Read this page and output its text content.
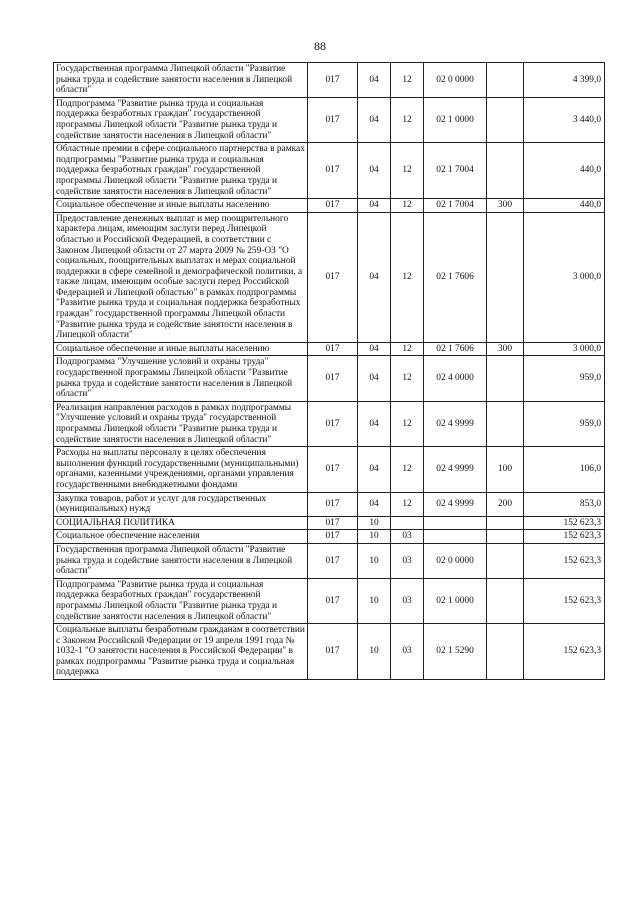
88
Государственная программа Липецкой области "Развитие рынка труда и содействие занятости населения в Липецкой области"	017	04	12	02 0 0000		4 399,0
Подпрограмма "Развитие рынка труда и социальная поддержка безработных граждан" государственной программы Липецкой области "Развитие рынка труда и содействие занятости населения в Липецкой области"	017	04	12	02 1 0000		3 440,0
Областные премии в сфере социального партнерства в рамках подпрограммы "Развитие рынка труда и социальная поддержка безработных граждан" государственной программы Липецкой области "Развитие рынка труда и содействие занятости населения в Липецкой области"	017	04	12	02 1 7004		440,0
Социальное обеспечение и иные выплаты населению	017	04	12	02 1 7004	300	440,0
Предоставление денежных выплат и мер поощрительного характера лицам, имеющим заслуги перед Липецкой областью и Российской Федерацией, в соответствии с Законом Липецкой области от 27 марта 2009 № 259-ОЗ "О социальных, поощрительных выплатах и мерах социальной поддержки в сфере семейной и демографической политики, а также лицам, имеющим особые заслуги перед Российской Федерацией и Липецкой областью" в рамках подпрограммы "Развитие рынка труда и социальная поддержка безработных граждан" государственной программы Липецкой области "Развитие рынка труда и содействие занятости населения в Липецкой области"	017	04	12	02 1 7606		3 000,0
Социальное обеспечение и иные выплаты населению	017	04	12	02 1 7606	300	3 000,0
Подпрограмма "Улучшение условий и охраны труда" государственной программы Липецкой области "Развитие рынка труда и содействие занятости населения в Липецкой области"	017	04	12	02 4 0000		959,0
Реализация направления расходов в рамках подпрограммы "Улучшение условий и охраны труда" государственной программы Липецкой области "Развитие рынка труда и содействие занятости населения в Липецкой области"	017	04	12	02 4 9999		959,0
Расходы на выплаты персоналу в целях обеспечения выполнения функций государственными (муниципальными) органами, казенными учреждениями, органами управления государственными внебюджетными фондами	017	04	12	02 4 9999	100	106,0
Закупка товаров, работ и услуг для государственных (муниципальных) нужд	017	04	12	02 4 9999	200	853,0
СОЦИАЛЬНАЯ ПОЛИТИКА	017	10				152 623,3
Социальное обеспечение населения	017	10	03			152 623,3
Государственная программа Липецкой области "Развитие рынка труда и содействие занятости населения в Липецкой области"	017	10	03	02 0 0000		152 623,3
Подпрограмма "Развитие рынка труда и социальная поддержка безработных граждан" государственной программы Липецкой области "Развитие рынка труда и содействие занятости населения в Липецкой области"	017	10	03	02 1 0000		152 623,3
Социальные выплаты безработным гражданам в соответствии с Законом Российской Федерации от 19 апреля 1991 года № 1032-1 "О занятости населения в Российской Федерации" в рамках подпрограммы "Развитие рынка труда и социальная поддержка	017	10	03	02 1 5290		152 623,3
